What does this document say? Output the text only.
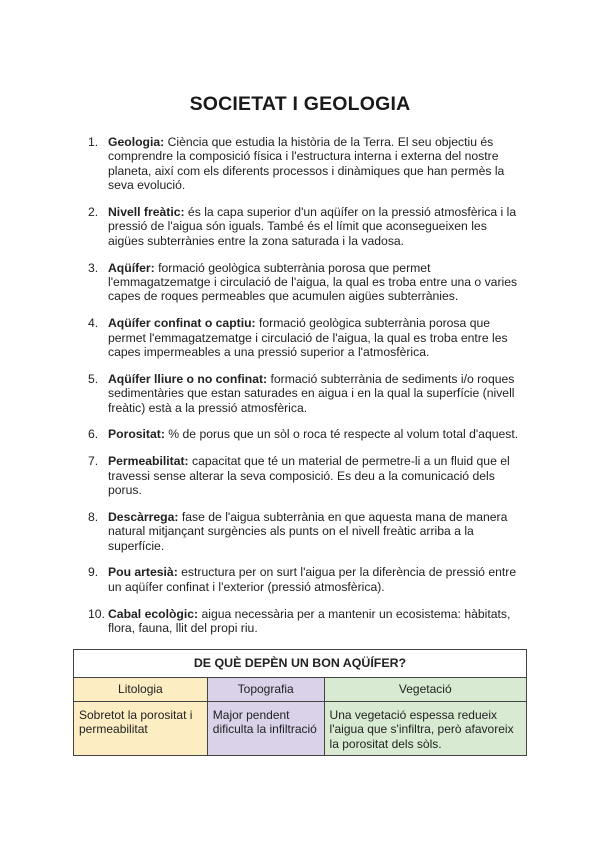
SOCIETAT I GEOLOGIA
1. Geologia: Ciència que estudia la història de la Terra. El seu objectiu és comprendre la composició física i l'estructura interna i externa del nostre planeta, així com els diferents processos i dinàmiques que han permès la seva evolució.
2. Nivell freàtic: és la capa superior d'un aqüífer on la pressió atmosfèrica i la pressió de l'aigua són iguals. També és el límit que aconsegueixen les aigües subterrànies entre la zona saturada i la vadosa.
3. Aqüífer: formació geològica subterrània porosa que permet l'emmagatzematge i circulació de l'aigua, la qual es troba entre una o varies capes de roques permeables que acumulen aigües subterrànies.
4. Aqüífer confinat o captiu: formació geològica subterrània porosa que permet l'emmagatzematge i circulació de l'aigua, la qual es troba entre les capes impermeables a una pressió superior a l'atmosfèrica.
5. Aqüífer lliure o no confinat: formació subterrània de sediments i/o roques sedimentàries que estan saturades en aigua i en la qual la superfície (nivell freàtic) està a la pressió atmosfèrica.
6. Porositat: % de porus que un sòl o roca té respecte al volum total d'aquest.
7. Permeabilitat: capacitat que té un material de permetre-li a un fluid que el travessi sense alterar la seva composició. Es deu a la comunicació dels porus.
8. Descàrrega: fase de l'aigua subterrània en que aquesta mana de manera natural mitjançant surgències als punts on el nivell freàtic arriba a la superfície.
9. Pou artesià: estructura per on surt l'aigua per la diferència de pressió entre un aqüífer confinat i l'exterior (pressió atmosfèrica).
10. Cabal ecològic: aigua necessària per a mantenir un ecosistema: hàbitats, flora, fauna, llit del propi riu.
DE QUÈ DEPÈN UN BON AQÜÍFER?		
Litologia	Topografia	Vegetació
Sobretot la porositat i permeabilitat	Major pendent dificulta la infiltració	Una vegetació espessa redueix l'aigua que s'infiltra, però afavoreix la porositat dels sòls.
